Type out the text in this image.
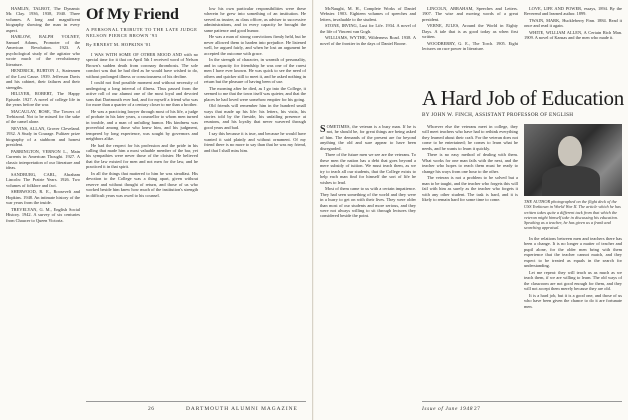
HAMLIN, TALBOT, The Dynamic Mr. Clay. 1936, 1938, 1940. Three volumes. A long and magnificent biography showing the man in every aspect.

HARLOW, RALPH VOLNEY, Samuel Adams, Promoter of the American Revolution. 1923. A psychological study of the agitator who wrote much of the revolutionary literature.

HENDRICK, BURTON J., Statesmen of the Lost Cause. 1939. Jefferson Davis and his cabinet, their failures and their strengths.

HILLYER, ROBERT, The Happy Episode. 1927. A novel of college life in the years before the war.

MACAULAY, ROSE, The Towers of Trebizond. Not to be missed for the sake of the camel alone.

NEVINS, ALLAN, Grover Cleveland. 1932. A Study in Courage. Pulitzer prize biography of a stubborn and honest president.

PARRINGTON, VERNON L., Main Currents in American Thought. 1927. A classic interpretation of our literature and ideas.

SANDBURG, CARL, Abraham Lincoln: The Prairie Years. 1926. Two volumes of folklore and fact.

SHERWOOD, R. E., Roosevelt and Hopkins. 1948. An intimate history of the war years from the inside.

TREVELYAN, G. M., English Social History. 1942. A survey of six centuries from Chaucer to Queen Victoria.

Of My Friend
A PERSONAL TRIBUTE TO THE LATE JUDGE NELSON PIERCE BROWN '93
By ERNEST M. HOPKINS '01

I WAS WITH SOME OF OTHER MOOD AND with no special time for it that on April 5th I received word of Nelson Brown's sudden death from coronary thrombosis. The sole comfort was that he had died as he would have wished to do, without prolonged illness or consciousness of his decline.

I could not find possible moment and without necessity of undergoing a long interval of illness. Thus passed from the active roll of our alumni one of the most loyal and devoted sons that Dartmouth ever had, and for myself a friend who was for more than a quarter of a century closer to me than a brother.

He was a practicing lawyer through most of his life, a judge of probate in his later years, a counsellor to whom men turned in trouble, and a man of unfailing humor. His kindness was proverbial among those who knew him, and his judgment, tempered by long experience, was sought by governors and neighbors alike.

He had the respect for his profession and the pride in his calling that made him a most valuable member of the bar, yet his sympathies were never those of the cloister. He believed that the law existed for men and not men for the law, and he practiced it in that spirit.

In all the things that mattered to him he was steadfast. His devotion to the College was a thing apart, given without reserve and without thought of return, and those of us who worked beside him knew how much of the institution's strength in difficult years was owed to his counsel.

low his own particular responsibilities were these wherein he grew into something of an institution. He served as trustee, as class officer, as adviser to successive administrations, and in every capacity he brought the same patience and good humor.

He was a man of strong convictions firmly held, but he never allowed them to harden into prejudice. He listened well, he argued fairly, and when he lost an argument he accepted the outcome with grace.

In the strength of character, in warmth of personality, and in capacity for friendship he was one of the rarest men I have ever known. He was quick to see the need of others and quicker still to meet it, and he asked nothing in return but the pleasure of having been of use.

The morning after he died, as I go into the College, it seemed to me that the town itself was quieter, and that the places he had loved were somehow emptier for his going.

Old friends will remember him in the hundred small ways that made up his life: his letters, his visits, his stories told by the fireside, his unfailing presence at reunions, and his loyalty that never wavered through good years and bad.

I say this because it is true, and because he would have wanted it said plainly and without ornament. Of my friend there is no more to say than that he was my friend, and that I shall miss him.

26	DARTMOUTH ALUMNI MAGAZINE

McNaught, M. H., Complete Works of Daniel Webster. 1903. Eighteen volumes of speeches and letters, invaluable to the student.

STONE, IRVING, Lust for Life. 1934. A novel of the life of Vincent van Gogh.

WILLIAMS, WYTHE, Wilderness Road. 1938. A novel of the frontier in the days of Daniel Boone.

LINCOLN, ABRAHAM, Speeches and Letters. 1907. The wise and moving words of a great president.

VERNE, JULES, Around the World in Eighty Days. A tale that is as good today as when first written.

WOODBERRY, G. E., The Torch. 1905. Eight lectures on race power in literature.

LOVE, LIFE AND POWER, essays, 1894. By the Reverend and learned author. 1899.

TWAIN, MARK, Huckleberry Finn. 1884. Read it once and read it again.

WHITE, WILLIAM ALLEN, A Certain Rich Man. 1909. A novel of Kansas and the men who made it.

A Hard Job of Education
BY JOHN W. FINCH, ASSISTANT PROFESSOR OF ENGLISH

SOMETIMES, the veteran is a busy man. If he is not, he should be, for great things are being asked of him. The demands of the present are far beyond anything the old and sure appear to have been disregarded.

Three of the future men we see are the veterans. To these men the nation has a debt that goes beyond a mere subsidy of tuition. We must teach them, as we try to teach all our students, that the College exists to help each man find for himself the sort of life he wishes to lead.

Most of them came to us with a certain impatience. They had seen something of the world and they were in a hurry to get on with their lives. They were older than most of our students and more serious, and they were not always willing to sit through lectures they considered beside the point.

Whoever else the veterans meet in college, they will meet teachers who have had to rethink everything they learned about their craft. For the veteran does not come to be entertained; he comes to learn what he needs, and he wants to learn it quickly.

There is no easy method of dealing with them. What works for one man fails with the next, and the teacher who hopes to reach them must be ready to change his ways from one hour to the other.

The veteran is not a problem to be solved but a man to be taught, and the teacher who forgets this will fail with him as surely as the teacher who forgets it with any other student. The task is hard, and it is likely to remain hard for some time to come.	THE AUTHOR photographed on the flight deck of the USS Yorktown in World War II. The article which he has written takes quite a different tack from that which the veteran might himself take in discussing his education. Speaking as a teacher, he has given us a frank and searching appraisal.

In the relations between men and teachers there has been a change. It is no longer a matter of teacher and pupil alone, for the older men bring with them experience that the teacher cannot match, and they expect to be treated as equals in the search for understanding.

Let me repeat: they will teach us as much as we teach them, if we are willing to learn. The old ways of the classroom are not good enough for them, and they will not accept them merely because they are old.

It is a hard job, but it is a good one, and those of us who have been given the chance to do it are fortunate men.

Issue of June 1948 27
